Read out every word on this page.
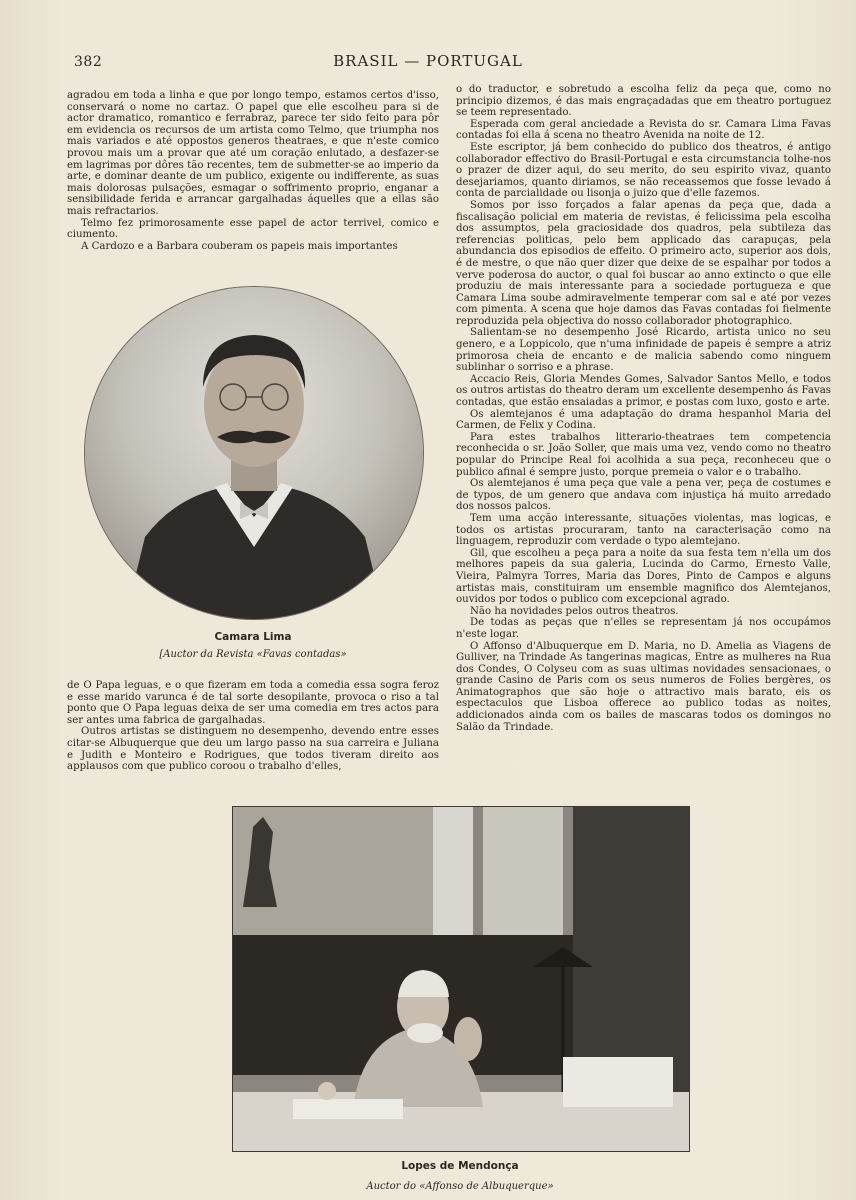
382	BRASIL — PORTUGAL

agradou em toda a linha e que por longo tempo, estamos certos d'isso, conservará o nome no cartaz. O papel que elle escolheu para si de actor dramatico, romantico e ferrabraz, parece ter sido feito para pôr em evidencia os recursos de um artista como Telmo, que triumpha nos mais variados e até oppostos generos theatraes, e que n'este comico provou mais um a provar que até um coração enlutado, a desfazer-se em lagrimas por dôres tão recentes, tem de submetter-se ao imperio da arte, e dominar deante de um publico, exigente ou indifferente, as suas mais dolorosas pulsações, esmagar o soffrimento proprio, enganar a sensibilidade ferida e arrancar gargalhadas áquelles que a ellas são mais refractarios.

Telmo fez primorosamente esse papel de actor terrivel, comico e ciumento.

A Cardozo e a Barbara couberam os papeis mais importantes

Camara Lima
[Auctor da Revista «Favas contadas»

de O Papa leguas, e o que fizeram em toda a comedia essa sogra feroz e esse marido varunca é de tal sorte desopilante, provoca o riso a tal ponto que O Papa leguas deixa de ser uma comedia em tres actos para ser antes uma fabrica de gargalhadas.

Outros artistas se distinguem no desempenho, devendo entre esses citar-se Albuquerque que deu um largo passo na sua carreira e Juliana e Judith e Monteiro e Rodrigues, que todos tiveram direito aos applausos com que publico coroou o trabalho d'elles,

o do traductor, e sobretudo a escolha feliz da peça que, como no principio dizemos, é das mais engraçadadas que em theatro portuguez se teem representado.

Esperada com geral anciedade a Revista do sr. Camara Lima Favas contadas foi ella á scena no theatro Avenida na noite de 12.

Este escriptor, já bem conhecido do publico dos theatros, é antigo collaborador effectivo do Brasil-Portugal e esta circumstancia tolhe-nos o prazer de dizer aqui, do seu merito, do seu espirito vivaz, quanto desejariamos, quanto diriamos, se não receassemos que fosse levado á conta de parcialidade ou lisonja o juizo que d'elle fazemos.

Somos por isso forçados a falar apenas da peça que, dada a fiscalisação policial em materia de revistas, é felicissima pela escolha dos assumptos, pela graciosidade dos quadros, pela subtileza das referencias politicas, pelo bem applicado das carapuças, pela abundancia dos episodios de effeito. O primeiro acto, superior aos dois, é de mestre, o que não quer dizer que deixe de se espalhar por todos a verve poderosa do auctor, o qual foi buscar ao anno extincto o que elle produziu de mais interessante para a sociedade portugueza e que Camara Lima soube admiravelmente temperar com sal e até por vezes com pimenta. A scena que hoje damos das Favas contadas foi fielmente reproduzida pela objectiva do nosso collaborador photographico.

Salientam-se no desempenho José Ricardo, artista unico no seu genero, e a Loppicolo, que n'uma infinidade de papeis é sempre a atriz primorosa cheia de encanto e de malicia sabendo como ninguem sublinhar o sorriso e a phrase.

Accacio Reis, Gloria Mendes Gomes, Salvador Santos Mello, e todos os outros artistas do theatro deram um excellente desempenho ás Favas contadas, que estão ensaiadas a primor, e postas com luxo, gosto e arte.

Os alemtejanos é uma adaptação do drama hespanhol Maria del Carmen, de Felix y Codina.

Para estes trabalhos litterario-theatraes tem competencia reconhecida o sr. João Soller, que mais uma vez, vendo como no theatro popular do Principe Real foi acolhida a sua peça, reconheceu que o publico afinal é sempre justo, porque premeia o valor e o trabalho.

Os alemtejanos é uma peça que vale a pena ver, peça de costumes e de typos, de um genero que andava com injustiça há muito arredado dos nossos palcos.

Tem uma acção interessante, situações violentas, mas logicas, e todos os artistas procuraram, tanto na caracterisação como na linguagem, reproduzir com verdade o typo alemtejano.

Gil, que escolheu a peça para a noite da sua festa tem n'ella um dos melhores papeis da sua galeria, Lucinda do Carmo, Ernesto Valle, Vieira, Palmyra Torres, Maria das Dores, Pinto de Campos e alguns artistas mais, constituiram um ensemble magnifico dos Alemtejanos, ouvidos por todos o publico com excepcional agrado.

Não ha novidades pelos outros theatros.

De todas as peças que n'elles se representam já nos occupámos n'este logar.

O Affonso d'Albuquerque em D. Maria, no D. Amelia as Viagens de Gulliver, na Trindade As tangerinas magicas, Entre as mulheres na Rua dos Condes, O Colyseu com as suas ultimas novidades sensacionaes, o grande Casino de Paris com os seus numeros de Folies bergères, os Animatographos que são hoje o attractivo mais barato, eis os espectaculos que Lisboa offerece ao publico todas as noites, addicionados ainda com os bailes de mascaras todos os domingos no Salão da Trindade.

Lopes de Mendonça
Auctor do «Affonso de Albuquerque»
